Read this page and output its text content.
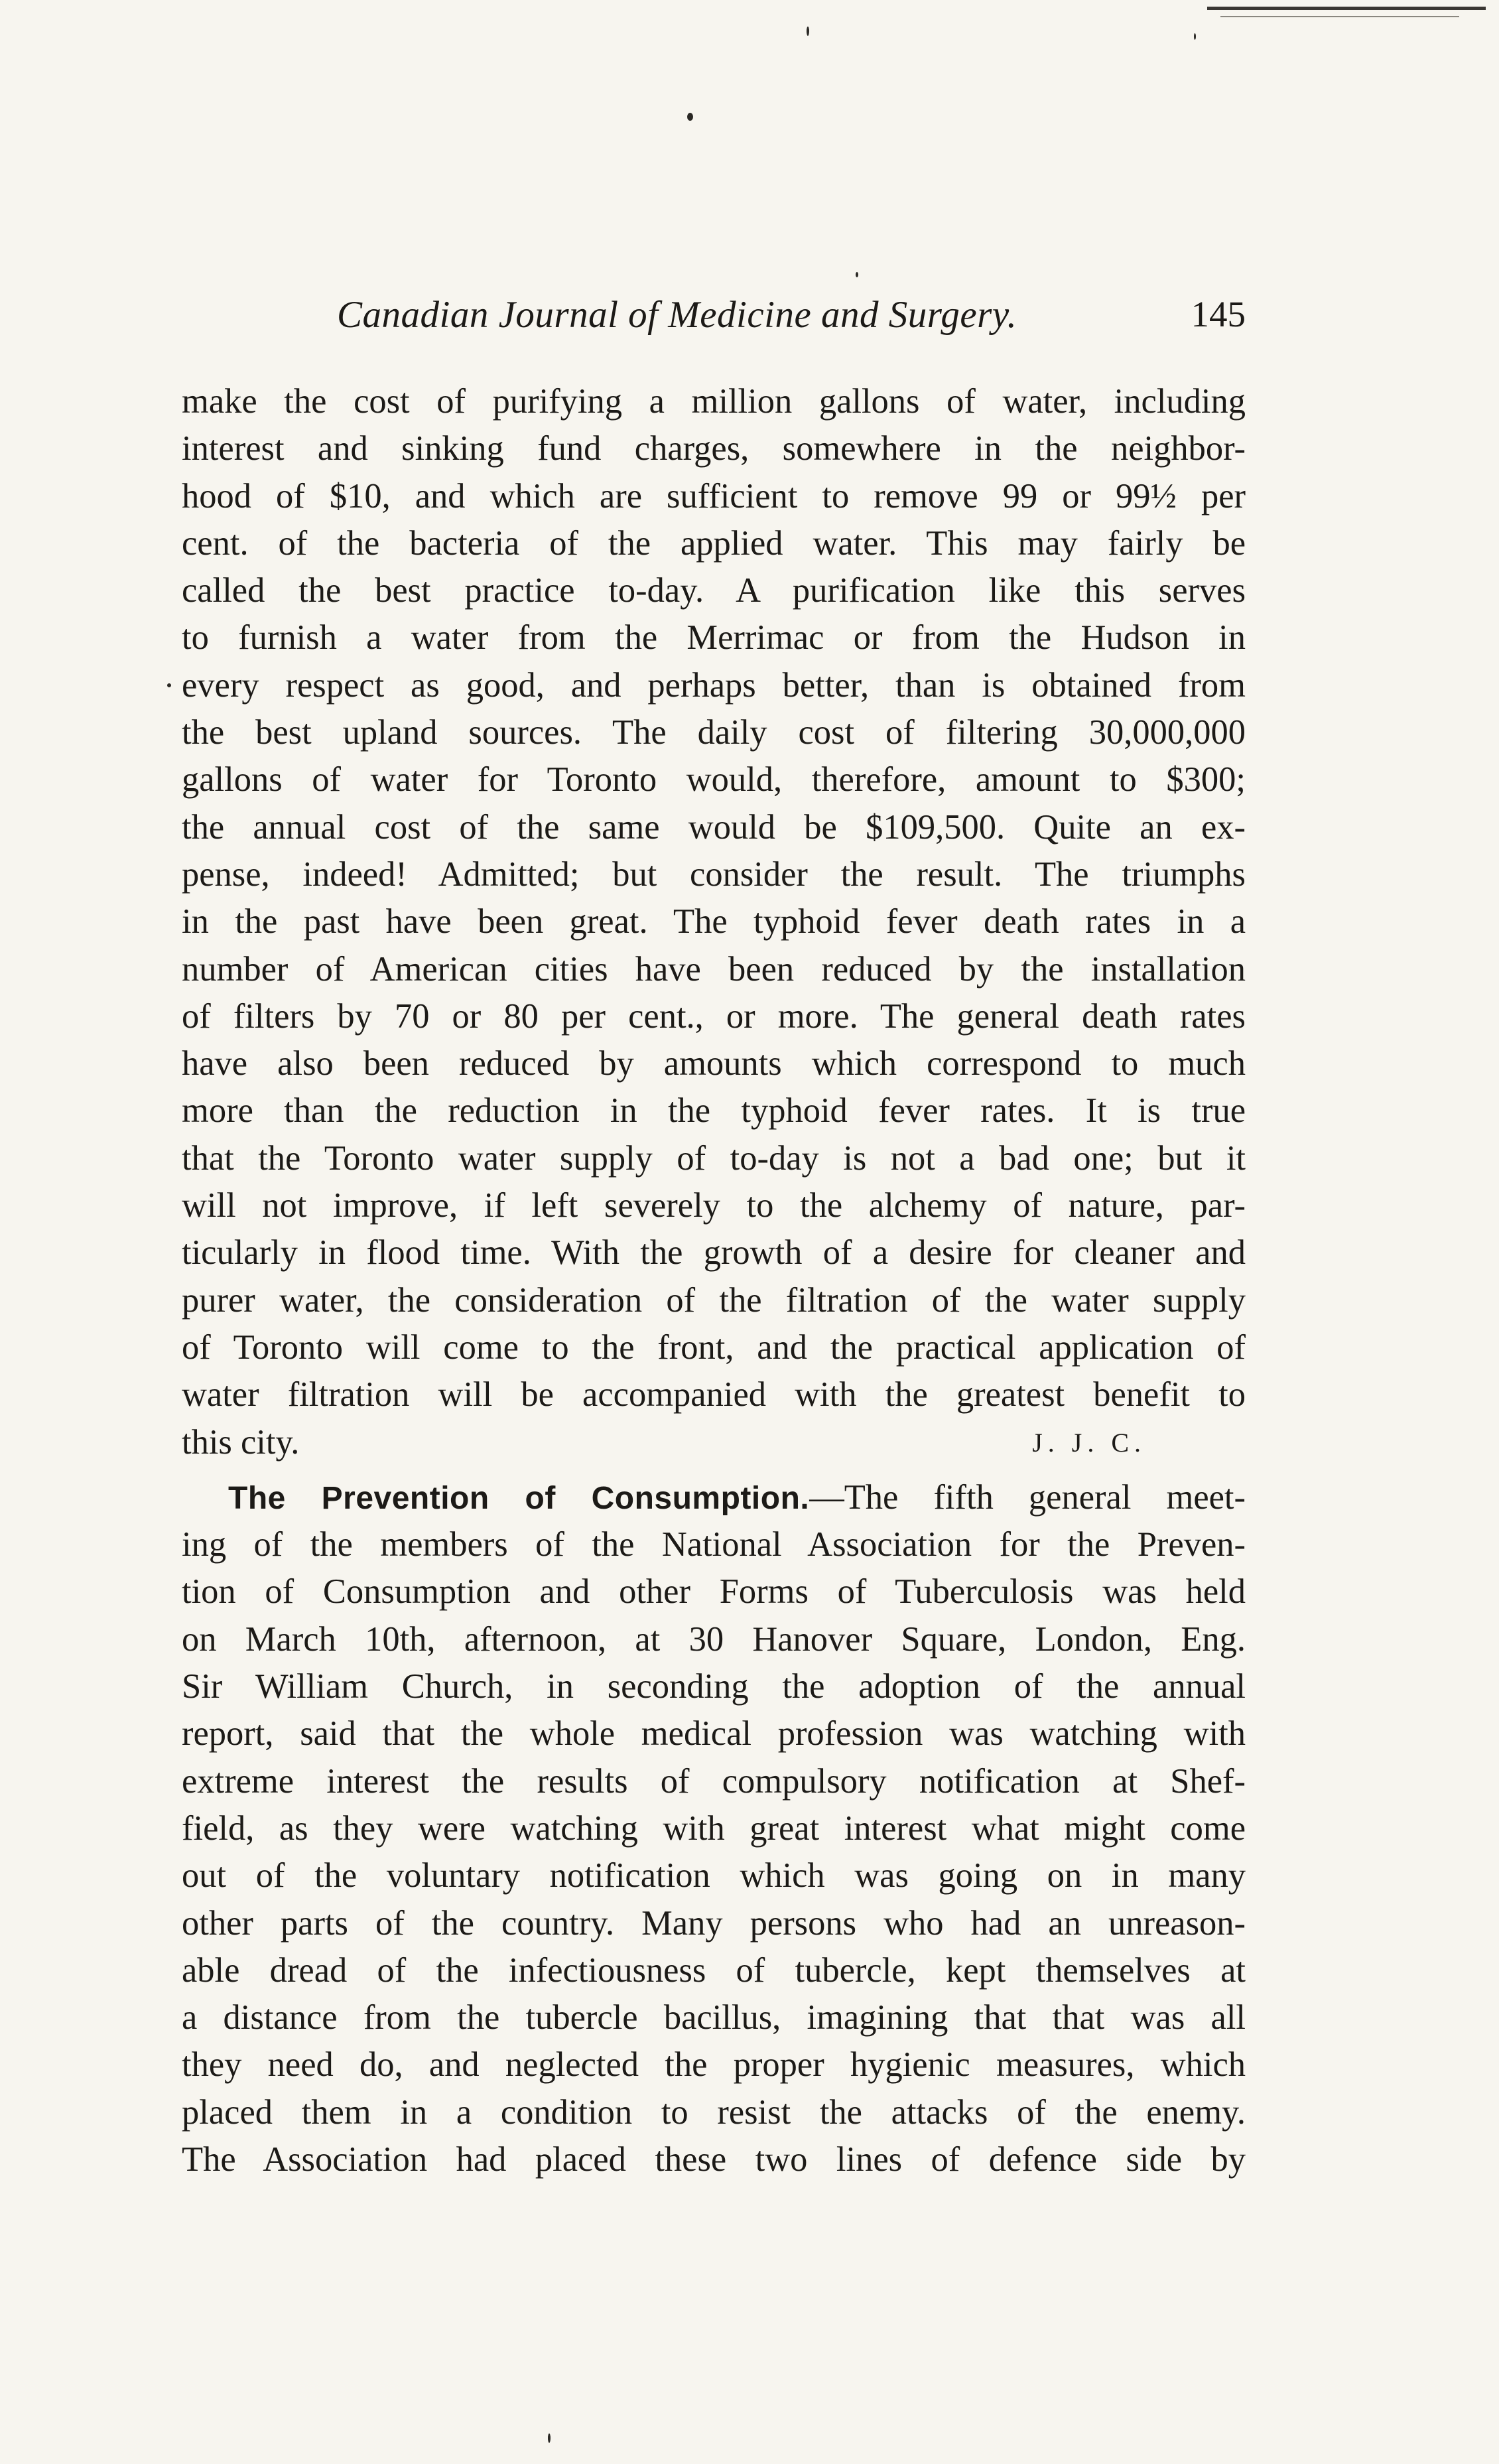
Canadian Journal of Medicine and Surgery.	145
make the cost of purifying a million gallons of water, including
interest and sinking fund charges, somewhere in the neighbor-
hood of $10, and which are sufficient to remove 99 or 99½ per
cent. of the bacteria of the applied water. This may fairly be
called the best practice to-day. A purification like this serves
to furnish a water from the Merrimac or from the Hudson in
every respect as good, and perhaps better, than is obtained from
the best upland sources. The daily cost of filtering 30,000,000
gallons of water for Toronto would, therefore, amount to $300;
the annual cost of the same would be $109,500. Quite an ex-
pense, indeed! Admitted; but consider the result. The triumphs
in the past have been great. The typhoid fever death rates in a
number of American cities have been reduced by the installation
of filters by 70 or 80 per cent., or more. The general death rates
have also been reduced by amounts which correspond to much
more than the reduction in the typhoid fever rates. It is true
that the Toronto water supply of to-day is not a bad one; but it
will not improve, if left severely to the alchemy of nature, par-
ticularly in flood time. With the growth of a desire for cleaner and
purer water, the consideration of the filtration of the water supply
of Toronto will come to the front, and the practical application of
water filtration will be accompanied with the greatest benefit to
this city.	J. J. C.
The Prevention of Consumption.—The fifth general meet-
ing of the members of the National Association for the Preven-
tion of Consumption and other Forms of Tuberculosis was held
on March 10th, afternoon, at 30 Hanover Square, London, Eng.
Sir William Church, in seconding the adoption of the annual
report, said that the whole medical profession was watching with
extreme interest the results of compulsory notification at Shef-
field, as they were watching with great interest what might come
out of the voluntary notification which was going on in many
other parts of the country. Many persons who had an unreason-
able dread of the infectiousness of tubercle, kept themselves at
a distance from the tubercle bacillus, imagining that that was all
they need do, and neglected the proper hygienic measures, which
placed them in a condition to resist the attacks of the enemy.
The Association had placed these two lines of defence side by
